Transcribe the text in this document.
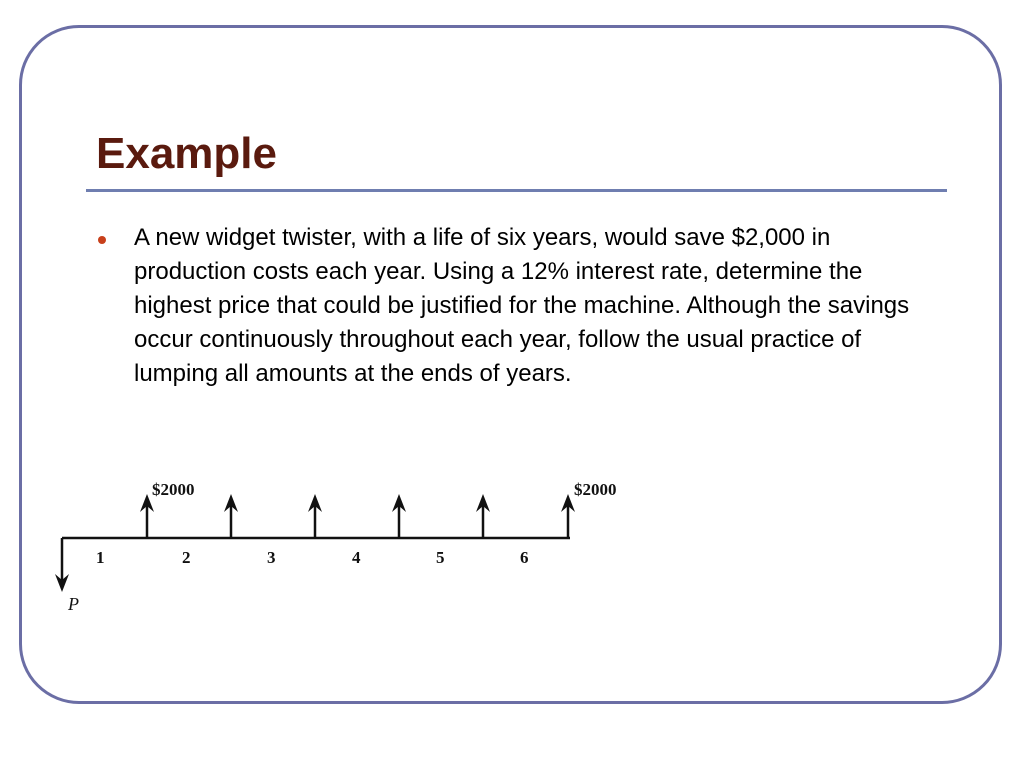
Example

A new widget twister, with a life of six years, would save $2,000 in production costs each year. Using a 12% interest rate, determine the highest price that could be justified for the machine. Although the savings occur continuously throughout each year, follow the usual practice of lumping all amounts at the ends of years.

P
$2000	$2000
1	2	3	4	5	6
